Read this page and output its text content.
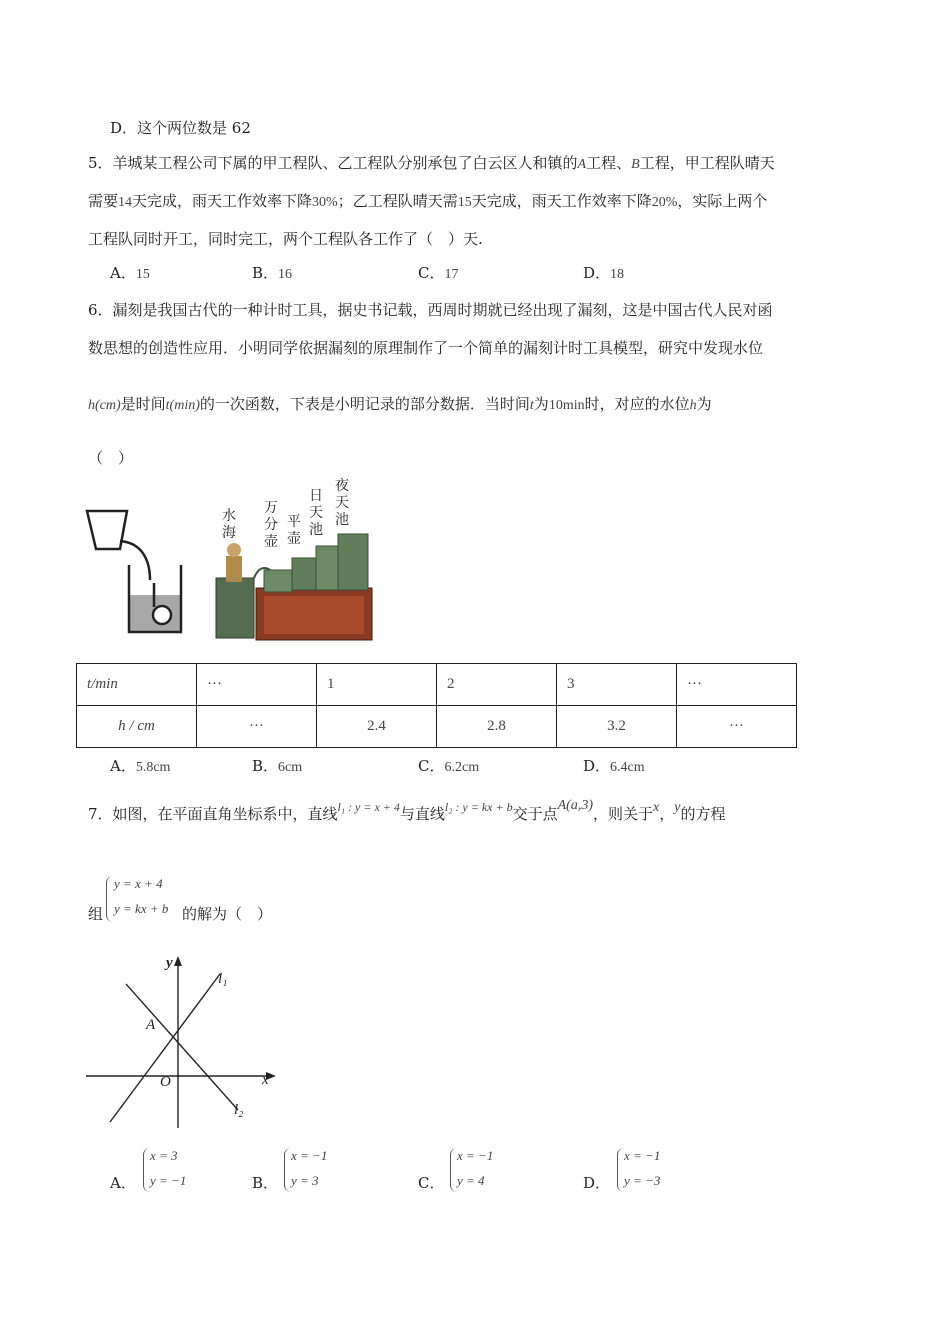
D．这个两位数是 62
5．羊城某工程公司下属的甲工程队、乙工程队分别承包了白云区人和镇的A工程、B工程，甲工程队晴天
需要14天完成，雨天工作效率下降30%；乙工程队晴天需15天完成，雨天工作效率下降20%，实际上两个
工程队同时开工，同时完工，两个工程队各工作了（　）天.
A．15	B．16	C．17	D．18
6．漏刻是我国古代的一种计时工具，据史书记载，西周时期就已经出现了漏刻，这是中国古代人民对函
数思想的创造性应用．小明同学依据漏刻的原理制作了一个简单的漏刻计时工具模型，研究中发现水位
h(cm)是时间t(min)的一次函数，下表是小明记录的部分数据．当时间t为10min时，对应的水位h为
（　）
水海
万分壶
平壶
日天池
夜天池
t/min	···	1	2	3	···
h / cm	···	2.4	2.8	3.2	···
A．5.8cm	B．6cm	C．6.2cm	D．6.4cm
7．如图，在平面直角坐标系中，直线$^{l_1 : y = x + 4}$与直线$^{l_2 : y = kx + b}$交于点A(a,3)，则关于x，y的方程
组
y = x + 4
y = kx + b 的解为（　）
y
x
l₁
l₂
A
O
A．
x = 3
y = −1	B．
x = −1
y = 3	C．
x = −1
y = 4	D．
x = −1
y = −3
